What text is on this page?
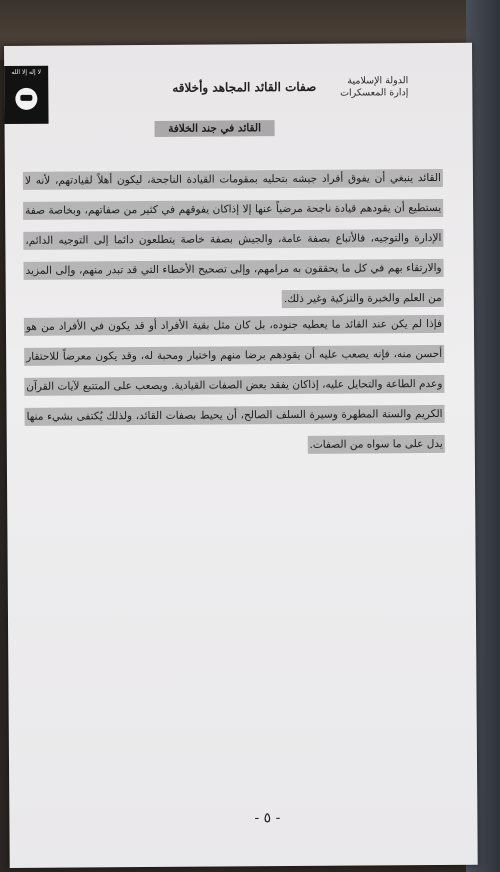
لا إله إلا الله
الدولة الإسلامية
إدارة المعسكرات
صفات القائد المجاهد وأخلاقه
القائد في جند الخلافة
القائد ينبغي أن يفوق أفراد جيشه بتحليه بمقومات القيادة الناجحة، ليكون أهلاً لقيادتهم، لأنه لا يستطيع أن يقودهم قيادة ناجحة مرضياً عنها إلا إذاكان يفوقهم في كثير من صفاتهم، وبخاصة صفة الإدارة والتوجيه، فالأتباع بصفة عامة، والجيش بصفة خاصة يتطلعون دائما إلى التوجيه الدائم، والارتقاء بهم في كل ما يحققون به مرامهم، وإلى تصحيح الأخطاء التي قد تبدر منهم، وإلى المزيد من العلم والخبرة والتزكية وغير ذلك.
فإذا لم يكن عند القائد ما يعطيه جنوده، بل كان مثل بقية الأفراد أو قد يكون في الأفراد من هو أحسن منه، فإنه يصعب عليه أن يقودهم برضا منهم واختيار ومحبة له، وقد يكون معرضاً للاحتقار وعدم الطاعة والتحايل عليه، إذاكان يفقد بعض الصفات القيادية. ويصعب على المتتبع لآيات القرآن الكريم والسنة المطهرة وسيرة السلف الصالح، أن يحيط بصفات القائد، ولذلك يُكتفى بشيء منها يدل على ما سواه من الصفات.
- ٥ -
